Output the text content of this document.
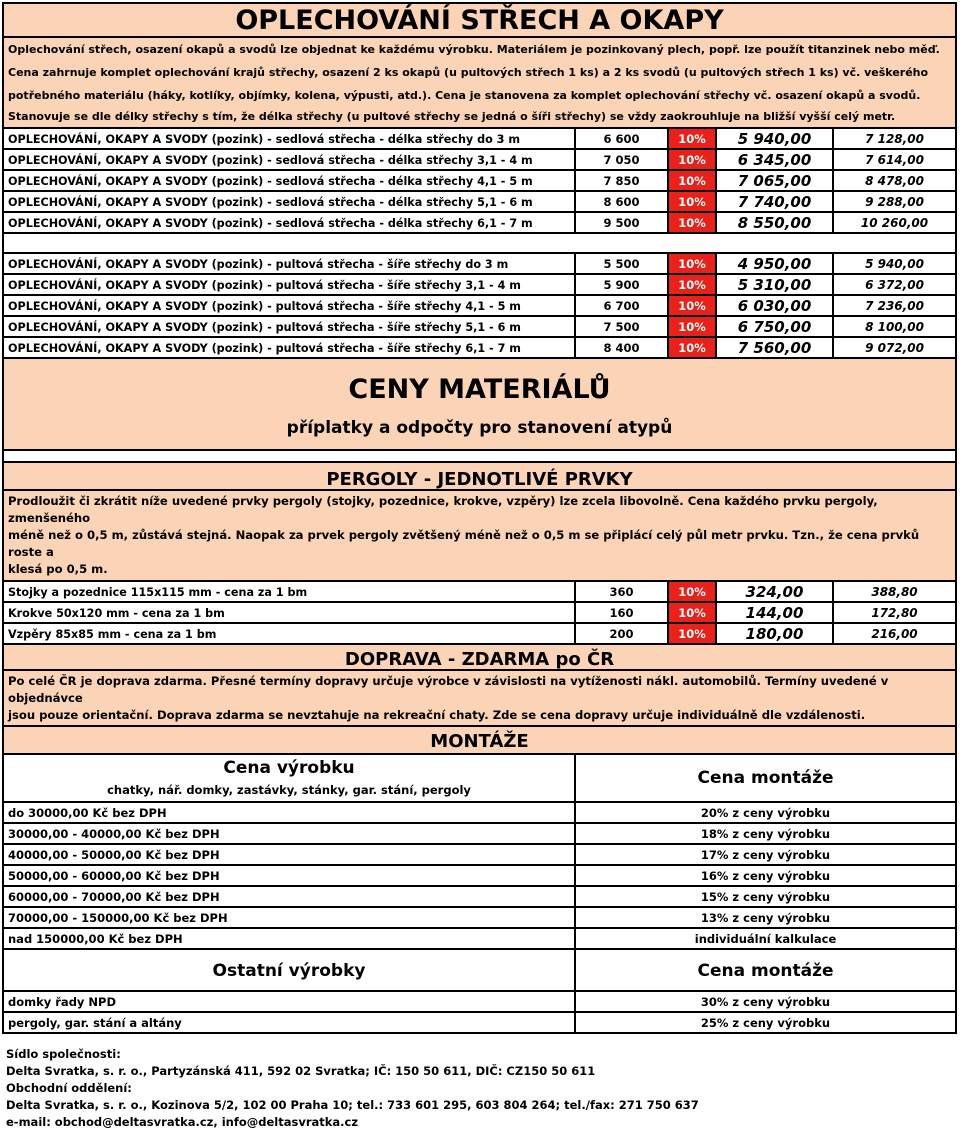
OPLECHOVÁNÍ STŘECH A OKAPY
Oplechování střech, osazení okapů a svodů lze objednat ke každému výrobku. Materiálem je pozinkovaný plech, popř. lze použít titanzinek nebo měď.
Cena zahrnuje komplet oplechování krajů střechy, osazení 2 ks okapů (u pultových střech 1 ks) a 2 ks svodů (u pultových střech 1 ks) vč. veškerého
potřebného materiálu (háky, kotlíky, objímky, kolena, výpusti, atd.). Cena je stanovena za komplet oplechování střechy vč. osazení okapů a svodů.
Stanovuje se dle délky střechy s tím, že délka střechy (u pultové střechy se jedná o šíři střechy) se vždy zaokrouhluje na bližší vyšší celý metr.
OPLECHOVÁNÍ, OKAPY A SVODY (pozink) - sedlová střecha - délka střechy do 3 m	6 600	10%	5 940,00	7 128,00
OPLECHOVÁNÍ, OKAPY A SVODY (pozink) - sedlová střecha - délka střechy 3,1 - 4 m	7 050	10%	6 345,00	7 614,00
OPLECHOVÁNÍ, OKAPY A SVODY (pozink) - sedlová střecha - délka střechy 4,1 - 5 m	7 850	10%	7 065,00	8 478,00
OPLECHOVÁNÍ, OKAPY A SVODY (pozink) - sedlová střecha - délka střechy 5,1 - 6 m	8 600	10%	7 740,00	9 288,00
OPLECHOVÁNÍ, OKAPY A SVODY (pozink) - sedlová střecha - délka střechy 6,1 - 7 m	9 500	10%	8 550,00	10 260,00
OPLECHOVÁNÍ, OKAPY A SVODY (pozink) - pultová střecha - šíře střechy do 3 m	5 500	10%	4 950,00	5 940,00
OPLECHOVÁNÍ, OKAPY A SVODY (pozink) - pultová střecha - šíře střechy 3,1 - 4 m	5 900	10%	5 310,00	6 372,00
OPLECHOVÁNÍ, OKAPY A SVODY (pozink) - pultová střecha - šíře střechy 4,1 - 5 m	6 700	10%	6 030,00	7 236,00
OPLECHOVÁNÍ, OKAPY A SVODY (pozink) - pultová střecha - šíře střechy 5,1 - 6 m	7 500	10%	6 750,00	8 100,00
OPLECHOVÁNÍ, OKAPY A SVODY (pozink) - pultová střecha - šíře střechy 6,1 - 7 m	8 400	10%	7 560,00	9 072,00
CENY MATERIÁLŮ
příplatky a odpočty pro stanovení atypů
PERGOLY - JEDNOTLIVÉ PRVKY
Prodloužit či zkrátit níže uvedené prvky pergoly (stojky, pozednice, krokve, vzpěry) lze zcela libovolně. Cena každého prvku pergoly, zmenšeného
méně než o 0,5 m, zůstává stejná. Naopak za prvek pergoly zvětšený méně než o 0,5 m se připlácí celý půl metr prvku. Tzn., že cena prvků roste a
klesá po 0,5 m.
Stojky a pozednice 115x115 mm - cena za 1 bm	360	10%	324,00	388,80
Krokve 50x120 mm - cena za 1 bm	160	10%	144,00	172,80
Vzpěry 85x85 mm - cena za 1 bm	200	10%	180,00	216,00
DOPRAVA - ZDARMA po ČR
Po celé ČR je doprava zdarma. Přesné termíny dopravy určuje výrobce v závislosti na vytíženosti nákl. automobilů. Termíny uvedené v objednávce
jsou pouze orientační. Doprava zdarma se nevztahuje na rekreační chaty. Zde se cena dopravy určuje individuálně dle vzdálenosti.
MONTÁŽE
Cena výrobku
chatky, nář. domky, zastávky, stánky, gar. stání, pergoly
Cena montáže
do 30000,00 Kč bez DPH	20% z ceny výrobku
30000,00 - 40000,00 Kč bez DPH	18% z ceny výrobku
40000,00 - 50000,00 Kč bez DPH	17% z ceny výrobku
50000,00 - 60000,00 Kč bez DPH	16% z ceny výrobku
60000,00 - 70000,00 Kč bez DPH	15% z ceny výrobku
70000,00 - 150000,00 Kč bez DPH	13% z ceny výrobku
nad 150000,00 Kč bez DPH	individuální kalkulace
Ostatní výrobky	Cena montáže
domky řady NPD	30% z ceny výrobku
pergoly, gar. stání a altány	25% z ceny výrobku
Sídlo společnosti:
Delta Svratka, s. r. o., Partyzánská 411, 592 02 Svratka; IČ: 150 50 611, DIČ: CZ150 50 611
Obchodní oddělení:
Delta Svratka, s. r. o., Kozinova 5/2, 102 00 Praha 10; tel.: 733 601 295, 603 804 264; tel./fax: 271 750 637
e-mail: obchod@deltasvratka.cz, info@deltasvratka.cz
